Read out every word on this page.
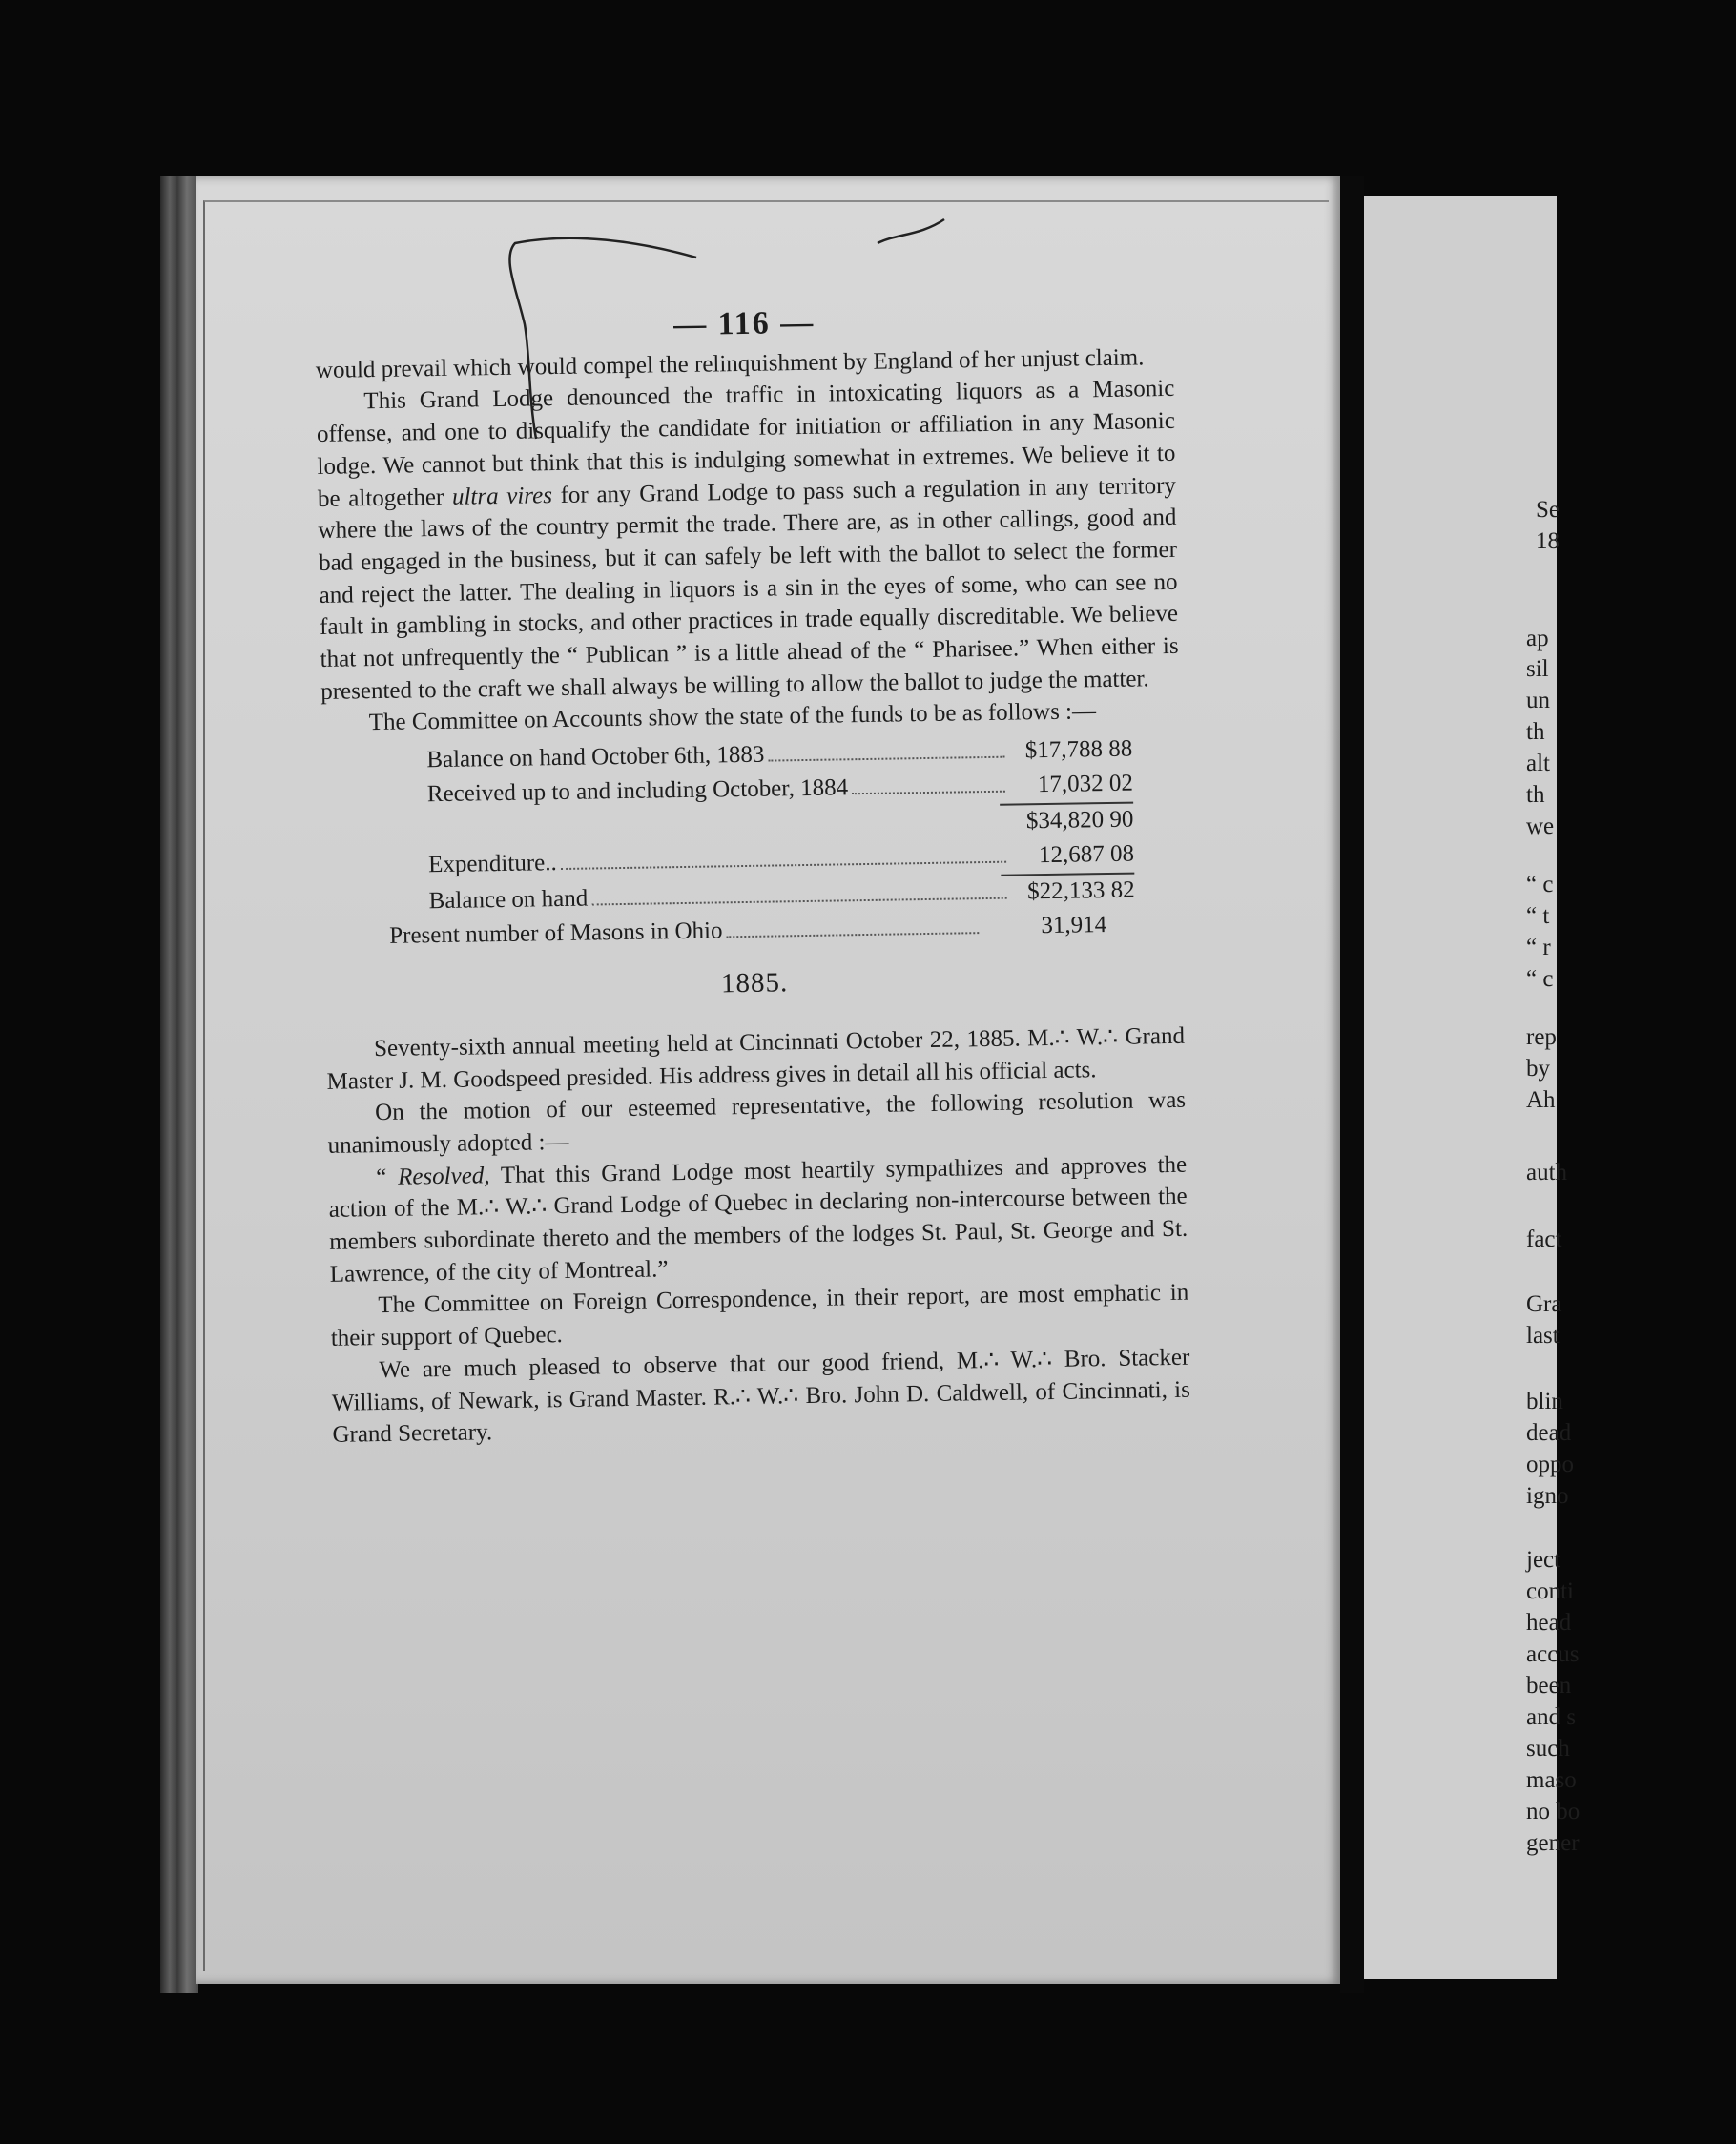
Se
18
ap
sil
un
th
alt
th
we
“ c
“ t
“ r
“ c
rep
by
Ah
auth
fact
Gra
last
blin
dead
oppo
igno
ject
conti
head
accus
been
and s
such
maso
no bo
gener
— 116 —

would prevail which would compel the relinquishment by England of her unjust claim.

This Grand Lodge denounced the traffic in intoxicating liquors as a Masonic offense, and one to disqualify the candidate for initiation or affiliation in any Masonic lodge. We cannot but think that this is indulging somewhat in extremes. We believe it to be altogether ultra vires for any Grand Lodge to pass such a regulation in any territory where the laws of the country permit the trade. There are, as in other callings, good and bad engaged in the business, but it can safely be left with the ballot to select the former and reject the latter. The dealing in liquors is a sin in the eyes of some, who can see no fault in gambling in stocks, and other practices in trade equally discreditable. We believe that not unfrequently the “ Publican ” is a little ahead of the “ Pharisee.” When either is presented to the craft we shall always be willing to allow the ballot to judge the matter.

The Committee on Accounts show the state of the funds to be as follows :—

Balance on hand October 6th, 1883	$17,788 88
Received up to and including October, 1884	17,032 02
$34,820 90
Expenditure..	12,687 08
Balance on hand	$22,133 82
Present number of Masons in Ohio	31,914
1885.

Seventy-sixth annual meeting held at Cincinnati October 22, 1885. M.∴ W.∴ Grand Master J. M. Goodspeed presided. His address gives in detail all his official acts.

On the motion of our esteemed representative, the following resolution was unanimously adopted :—

“ Resolved, That this Grand Lodge most heartily sympathizes and approves the action of the M.∴ W.∴ Grand Lodge of Quebec in declaring non-intercourse between the members subordinate thereto and the members of the lodges St. Paul, St. George and St. Lawrence, of the city of Montreal.”

The Committee on Foreign Correspondence, in their report, are most emphatic in their support of Quebec.

We are much pleased to observe that our good friend, M.∴ W.∴ Bro. Stacker Williams, of Newark, is Grand Master. R.∴ W.∴ Bro. John D. Caldwell, of Cincinnati, is Grand Secretary.
